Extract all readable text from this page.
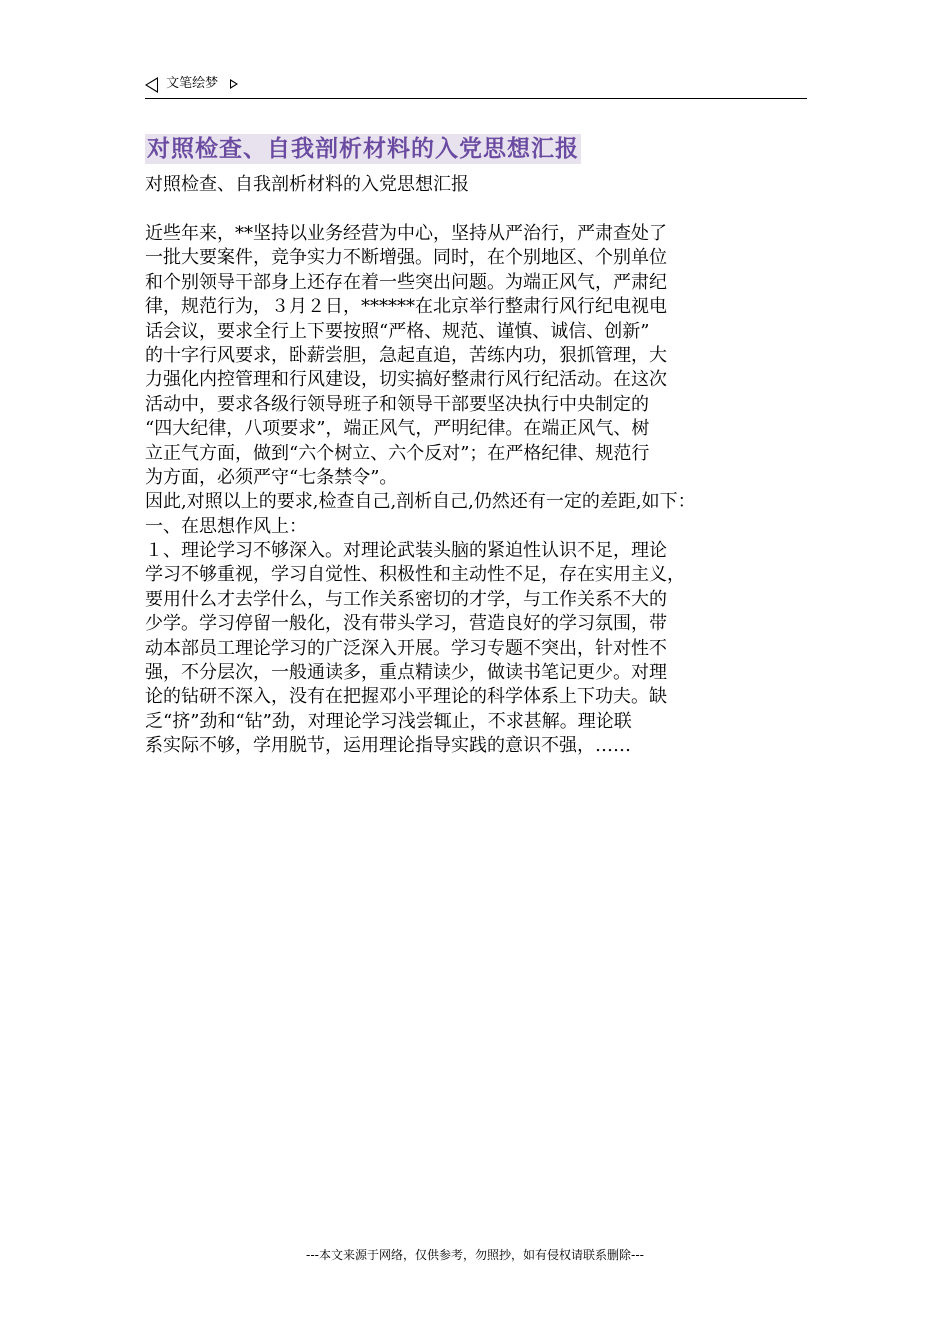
文笔绘梦
对照检查、自我剖析材料的入党思想汇报
对照检查、自我剖析材料的入党思想汇报
近些年来，**坚持以业务经营为中心，坚持从严治行，严肃查处了
一批大要案件，竞争实力不断增强。同时，在个别地区、个别单位
和个别领导干部身上还存在着一些突出问题。为端正风气，严肃纪
律，规范行为，３月２日，******在北京举行整肃行风行纪电视电
话会议，要求全行上下要按照“严格、规范、谨慎、诚信、创新”
的十字行风要求，卧薪尝胆，急起直追，苦练内功，狠抓管理，大
力强化内控管理和行风建设，切实搞好整肃行风行纪活动。在这次
活动中，要求各级行领导班子和领导干部要坚决执行中央制定的
“四大纪律，八项要求”，端正风气，严明纪律。在端正风气、树
立正气方面，做到“六个树立、六个反对”；在严格纪律、规范行
为方面，必须严守“七条禁令”。
因此,对照以上的要求,检查自己,剖析自己,仍然还有一定的差距,如下：
一、在思想作风上：
１、理论学习不够深入。对理论武装头脑的紧迫性认识不足，理论
学习不够重视，学习自觉性、积极性和主动性不足，存在实用主义，
要用什么才去学什么，与工作关系密切的才学，与工作关系不大的
少学。学习停留一般化，没有带头学习，营造良好的学习氛围，带
动本部员工理论学习的广泛深入开展。学习专题不突出，针对性不
强，不分层次，一般通读多，重点精读少，做读书笔记更少。对理
论的钻研不深入，没有在把握邓小平理论的科学体系上下功夫。缺
乏“挤”劲和“钻”劲，对理论学习浅尝辄止，不求甚解。理论联
系实际不够，学用脱节，运用理论指导实践的意识不强，……
---本文来源于网络，仅供参考，勿照抄，如有侵权请联系删除---
